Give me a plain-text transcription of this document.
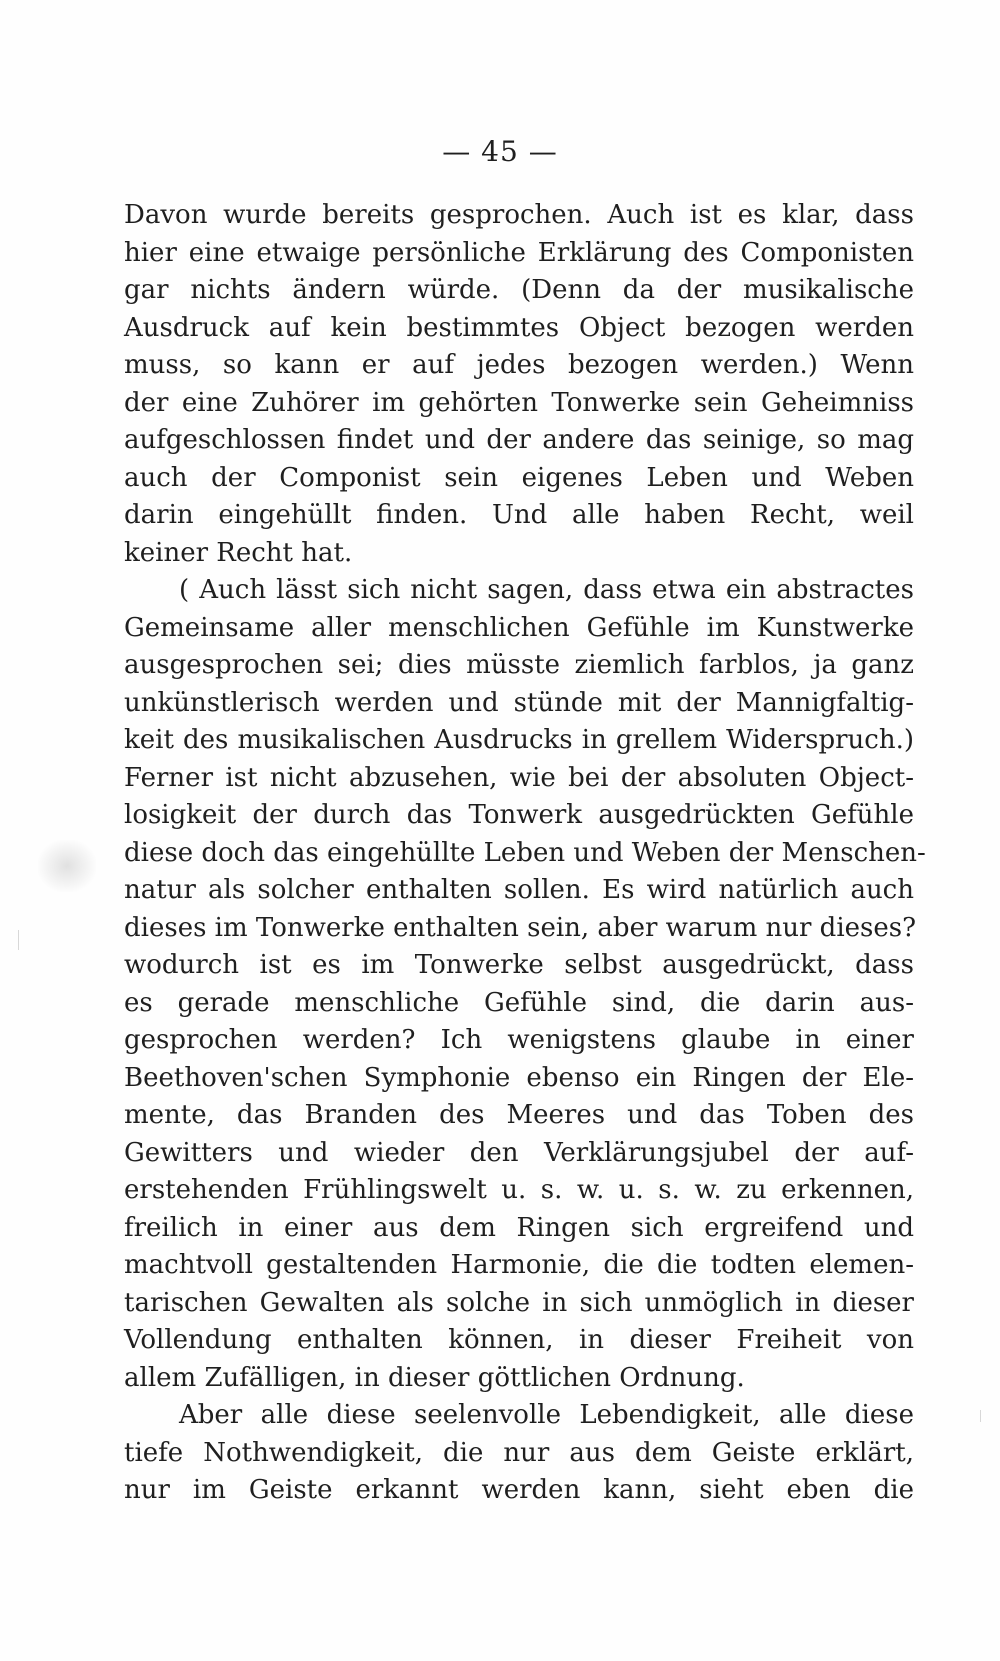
— 45 —
Davon wurde bereits gesprochen. Auch ist es klar, dass
hier eine etwaige persönliche Erklärung des Componisten
gar nichts ändern würde. (Denn da der musikalische
Ausdruck auf kein bestimmtes Object bezogen werden
muss, so kann er auf jedes bezogen werden.) Wenn
der eine Zuhörer im gehörten Tonwerke sein Geheimniss
aufgeschlossen findet und der andere das seinige, so mag
auch der Componist sein eigenes Leben und Weben
darin eingehüllt finden. Und alle haben Recht, weil
keiner Recht hat.
( Auch lässt sich nicht sagen, dass etwa ein abstractes
Gemeinsame aller menschlichen Gefühle im Kunstwerke
ausgesprochen sei; dies müsste ziemlich farblos, ja ganz
unkünstlerisch werden und stünde mit der Mannigfaltig-
keit des musikalischen Ausdrucks in grellem Widerspruch.)
Ferner ist nicht abzusehen, wie bei der absoluten Object-
losigkeit der durch das Tonwerk ausgedrückten Gefühle
diese doch das eingehüllte Leben und Weben der Menschen-
natur als solcher enthalten sollen. Es wird natürlich auch
dieses im Tonwerke enthalten sein, aber warum nur dieses?
wodurch ist es im Tonwerke selbst ausgedrückt, dass
es gerade menschliche Gefühle sind, die darin aus-
gesprochen werden? Ich wenigstens glaube in einer
Beethoven'schen Symphonie ebenso ein Ringen der Ele-
mente, das Branden des Meeres und das Toben des
Gewitters und wieder den Verklärungsjubel der auf-
erstehenden Frühlingswelt u. s. w. u. s. w. zu erkennen,
freilich in einer aus dem Ringen sich ergreifend und
machtvoll gestaltenden Harmonie, die die todten elemen-
tarischen Gewalten als solche in sich unmöglich in dieser
Vollendung enthalten können, in dieser Freiheit von
allem Zufälligen, in dieser göttlichen Ordnung.
Aber alle diese seelenvolle Lebendigkeit, alle diese
tiefe Nothwendigkeit, die nur aus dem Geiste erklärt,
nur im Geiste erkannt werden kann, sieht eben die
